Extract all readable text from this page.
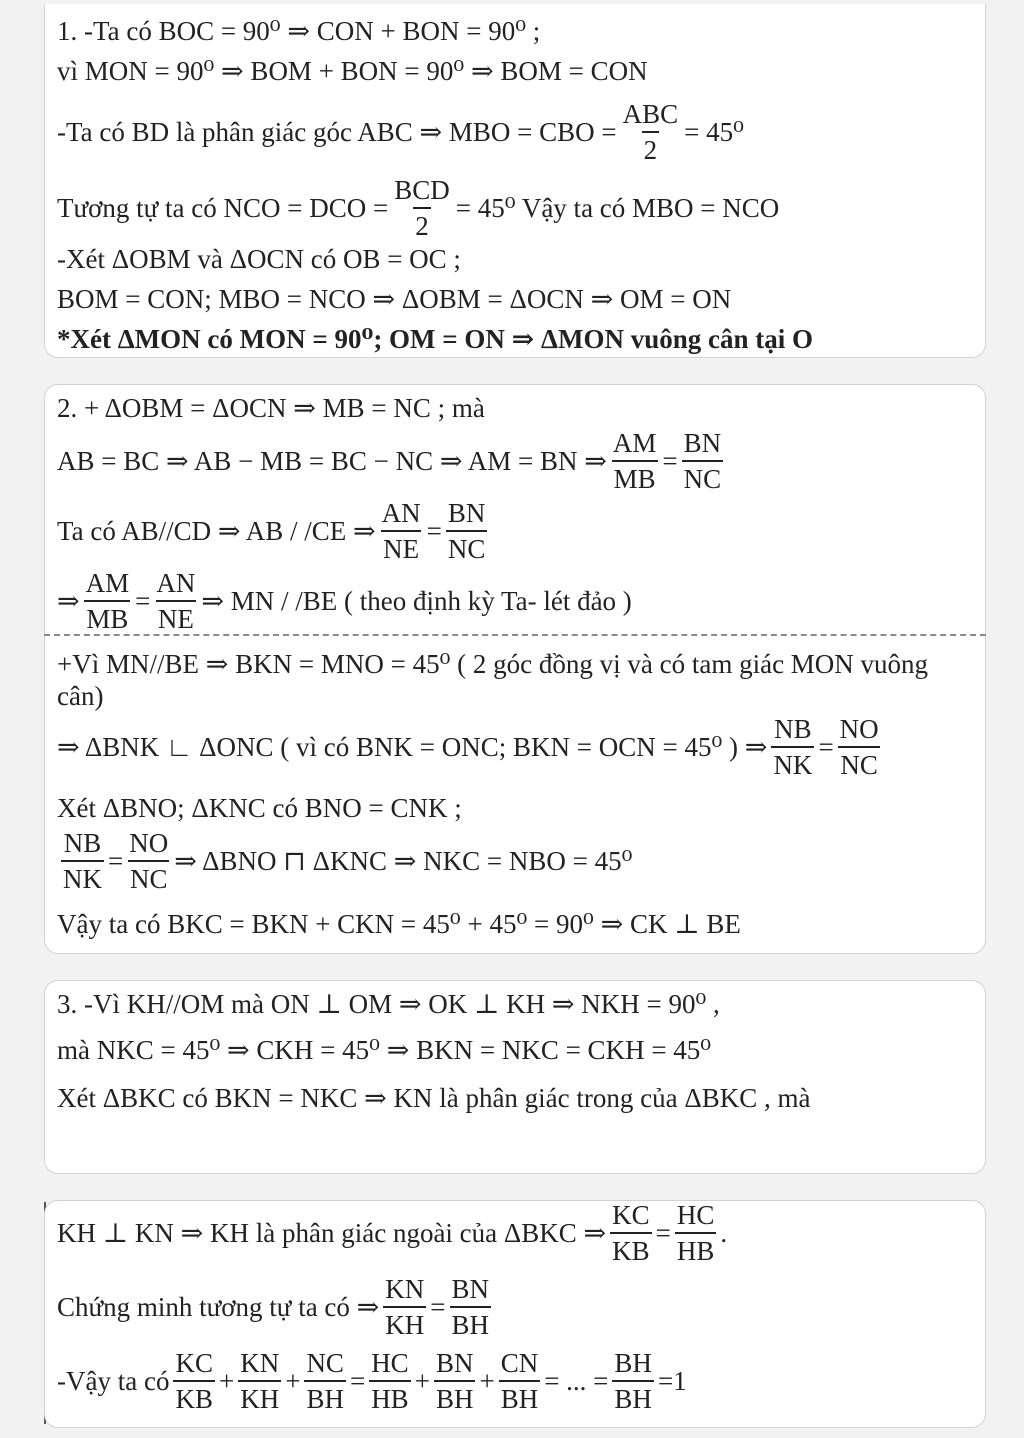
1. -Ta có BOC = 90⁰ ⇒ CON + BON = 90⁰ ;
vì MON = 90⁰ ⇒ BOM + BON = 90⁰ ⇒ BOM = CON
-Ta có BD là phân giác góc ABC ⇒ MBO = CBO = $\frac{\text{ABC}}{2} = 45^0$
Tương tự ta có NCO = DCO = $\frac{\text{BCD}}{2} = 45^0$ Vậy ta có MBO = NCO
-Xét ΔOBM và ΔOCN có OB = OC ;
BOM = CON; MBO = NCO ⇒ ΔOBM = ΔOCN ⇒ OM = ON
*Xét ΔMON có MON = 90⁰; OM = ON ⇒ ΔMON vuông cân tại O
2. + ΔOBM = ΔOCN ⇒ MB = NC ; mà
AB = BC ⇒ AB − MB = BC − NC ⇒ AM = BN ⇒ $\frac{AM}{MB} = \frac{BN}{NC}$
Ta có AB//CD ⇒ AB / /CE ⇒ $\frac{AN}{NE} = \frac{BN}{NC}$
⇒ $\frac{AM}{MB} = \frac{AN}{NE}$ ⇒ MN / /BE ( theo định kỳ Ta- lét đảo )
+Vì MN//BE ⇒ BKN = MNO = 45⁰ ( 2 góc đồng vị và có tam giác MON vuông
cân)
⇒ ΔBNK ∟ ΔONC ( vì có BNK = ONC; BKN = OCN = 45⁰ ) ⇒ $\frac{NB}{NK} = \frac{NO}{NC}$
Xét ΔBNO; ΔKNC có BNO = CNK ;
$\frac{NB}{NK} = \frac{NO}{NC}$ ⇒ ΔBNO ⊓ ΔKNC ⇒ NKC = NBO = 45⁰
Vậy ta có BKC = BKN + CKN = 45⁰ + 45⁰ = 90⁰ ⇒ CK ⊥ BE
3. -Vì KH//OM mà ON ⊥ OM ⇒ OK ⊥ KH ⇒ NKH = 90⁰ ,
mà NKC = 45⁰ ⇒ CKH = 45⁰ ⇒ BKN = NKC = CKH = 45⁰
Xét ΔBKC có BKN = NKC ⇒ KN là phân giác trong của ΔBKC , mà
KH ⊥ KN ⇒ KH là phân giác ngoài của ΔBKC ⇒ $\frac{KC}{KB} = \frac{HC}{HB}$ .
Chứng minh tương tự ta có ⇒ $\frac{KN}{KH} = \frac{BN}{BH}$
-Vậy ta có $\frac{KC}{KB} + \frac{KN}{KH} + \frac{NC}{BH} = \frac{HC}{HB} + \frac{BN}{BH} + \frac{CN}{BH}$ = ... = $\frac{BH}{BH} =1$
